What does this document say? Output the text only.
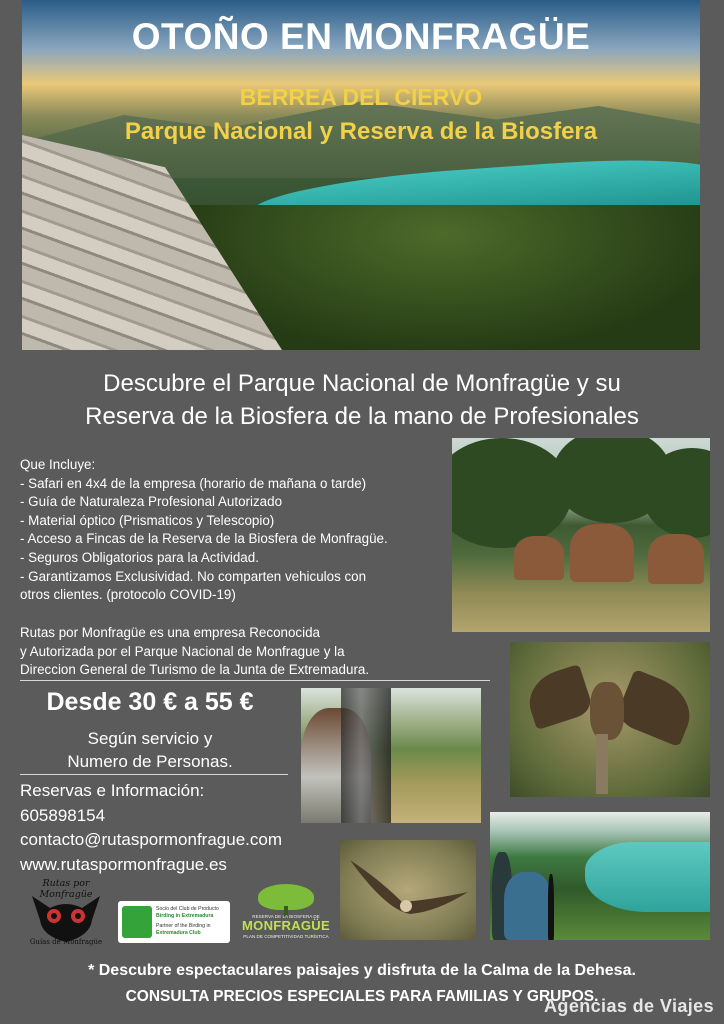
OTOÑO EN MONFRAGÜE
BERREA DEL CIERVO
Parque Nacional y Reserva de la Biosfera
Descubre el Parque Nacional de Monfragüe y su
Reserva de la Biosfera de la mano de Profesionales
Que Incluye:
- Safari en 4x4 de la empresa (horario de mañana o tarde)
- Guía de Naturaleza Profesional Autorizado
- Material óptico (Prismaticos y Telescopio)
- Acceso a Fincas de la Reserva de la Biosfera de Monfragüe.
- Seguros Obligatorios para la Actividad.
- Garantizamos Exclusividad. No comparten vehiculos con
otros clientes. (protocolo COVID-19)
Rutas por Monfragüe es una empresa Reconocida
y Autorizada por el Parque Nacional de Monfrague y la
Direccion General de Turismo de la Junta de Extremadura.
Desde 30 € a 55 €
Según servicio y
Numero de Personas.
Reservas e Información:
605898154
contacto@rutaspormonfrague.com
www.rutaspormonfrague.es
Rutas por Monfragüe
Guías de Monfragüe
Socio del Club de Producto
Birding in Extremadura
Partner of the Birding in
Extremadura Club
RESERVA DE LA BIOSFERA DE
MONFRAGÜE
PLAN DE COMPETITIVIDAD TURÍSTICA
* Descubre espectaculares paisajes y disfruta de la Calma de la Dehesa.
CONSULTA PRECIOS ESPECIALES PARA FAMILIAS Y GRUPOS.
Agencias de Viajes
